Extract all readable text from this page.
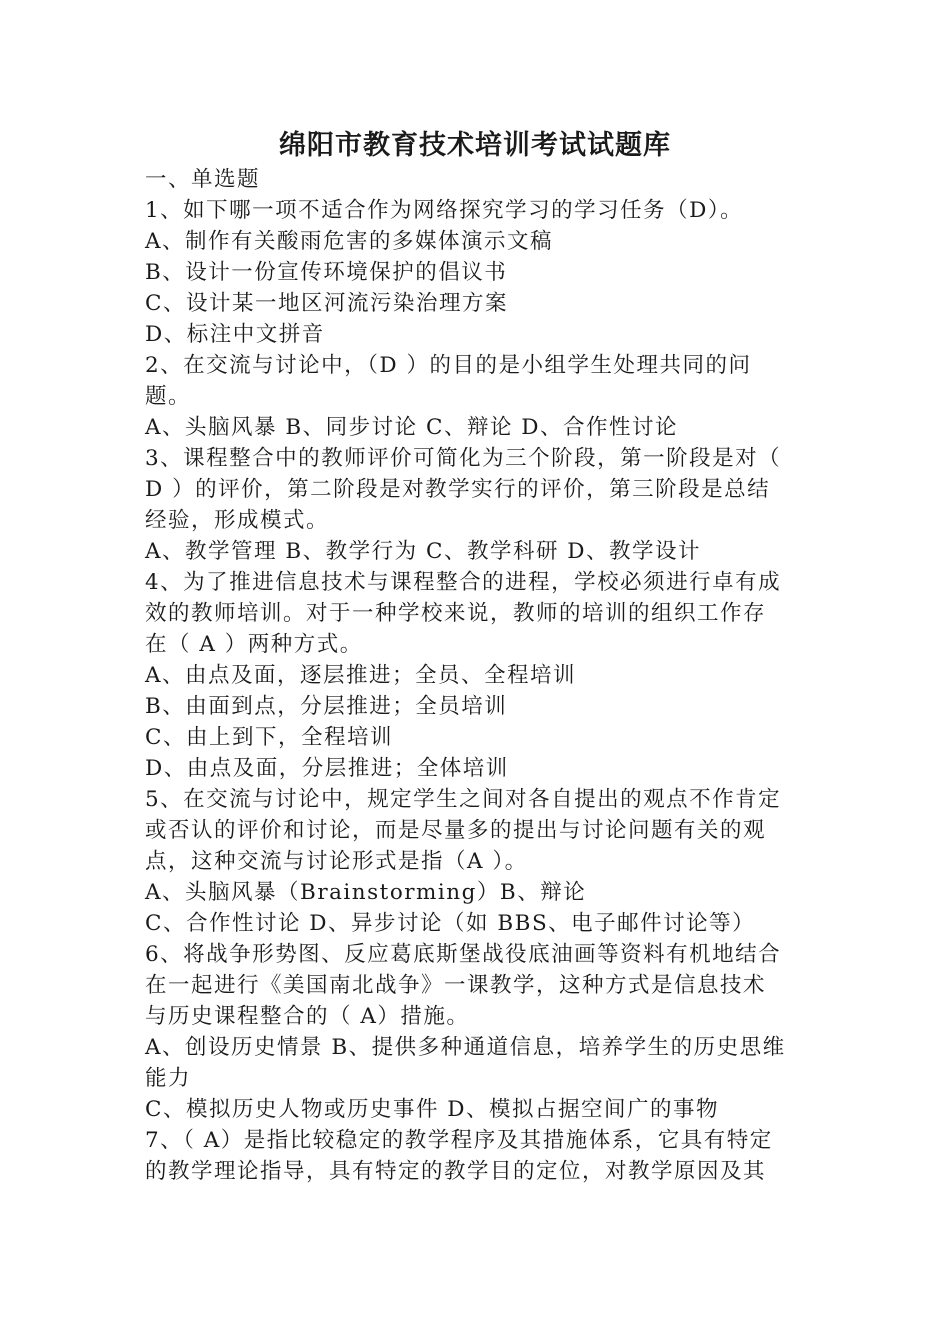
绵阳市教育技术培训考试试题库
一、单选题
1、如下哪一项不适合作为网络探究学习的学习任务（D）。
A、制作有关酸雨危害的多媒体演示文稿
B、设计一份宣传环境保护的倡议书
C、设计某一地区河流污染治理方案
D、标注中文拼音
2、在交流与讨论中，（D ）的目的是小组学生处理共同的问
题。
A、头脑风暴 B、同步讨论 C、辩论 D、合作性讨论
3、课程整合中的教师评价可简化为三个阶段，第一阶段是对（
D ）的评价，第二阶段是对教学实行的评价，第三阶段是总结
经验，形成模式。
A、教学管理 B、教学行为 C、教学科研 D、教学设计
4、为了推进信息技术与课程整合的进程，学校必须进行卓有成
效的教师培训。对于一种学校来说，教师的培训的组织工作存
在（ A ）两种方式。
A、由点及面，逐层推进；全员、全程培训
B、由面到点，分层推进；全员培训
C、由上到下，全程培训
D、由点及面，分层推进；全体培训
5、在交流与讨论中，规定学生之间对各自提出的观点不作肯定
或否认的评价和讨论，而是尽量多的提出与讨论问题有关的观
点，这种交流与讨论形式是指（A ）。
A、头脑风暴（Brainstorming）B、辩论
C、合作性讨论 D、异步讨论（如 BBS、电子邮件讨论等）
6、将战争形势图、反应葛底斯堡战役底油画等资料有机地结合
在一起进行《美国南北战争》一课教学，这种方式是信息技术
与历史课程整合的（ A）措施。
A、创设历史情景 B、提供多种通道信息，培养学生的历史思维
能力
C、模拟历史人物或历史事件 D、模拟占据空间广的事物
7、（ A）是指比较稳定的教学程序及其措施体系，它具有特定
的教学理论指导，具有特定的教学目的定位，对教学原因及其
